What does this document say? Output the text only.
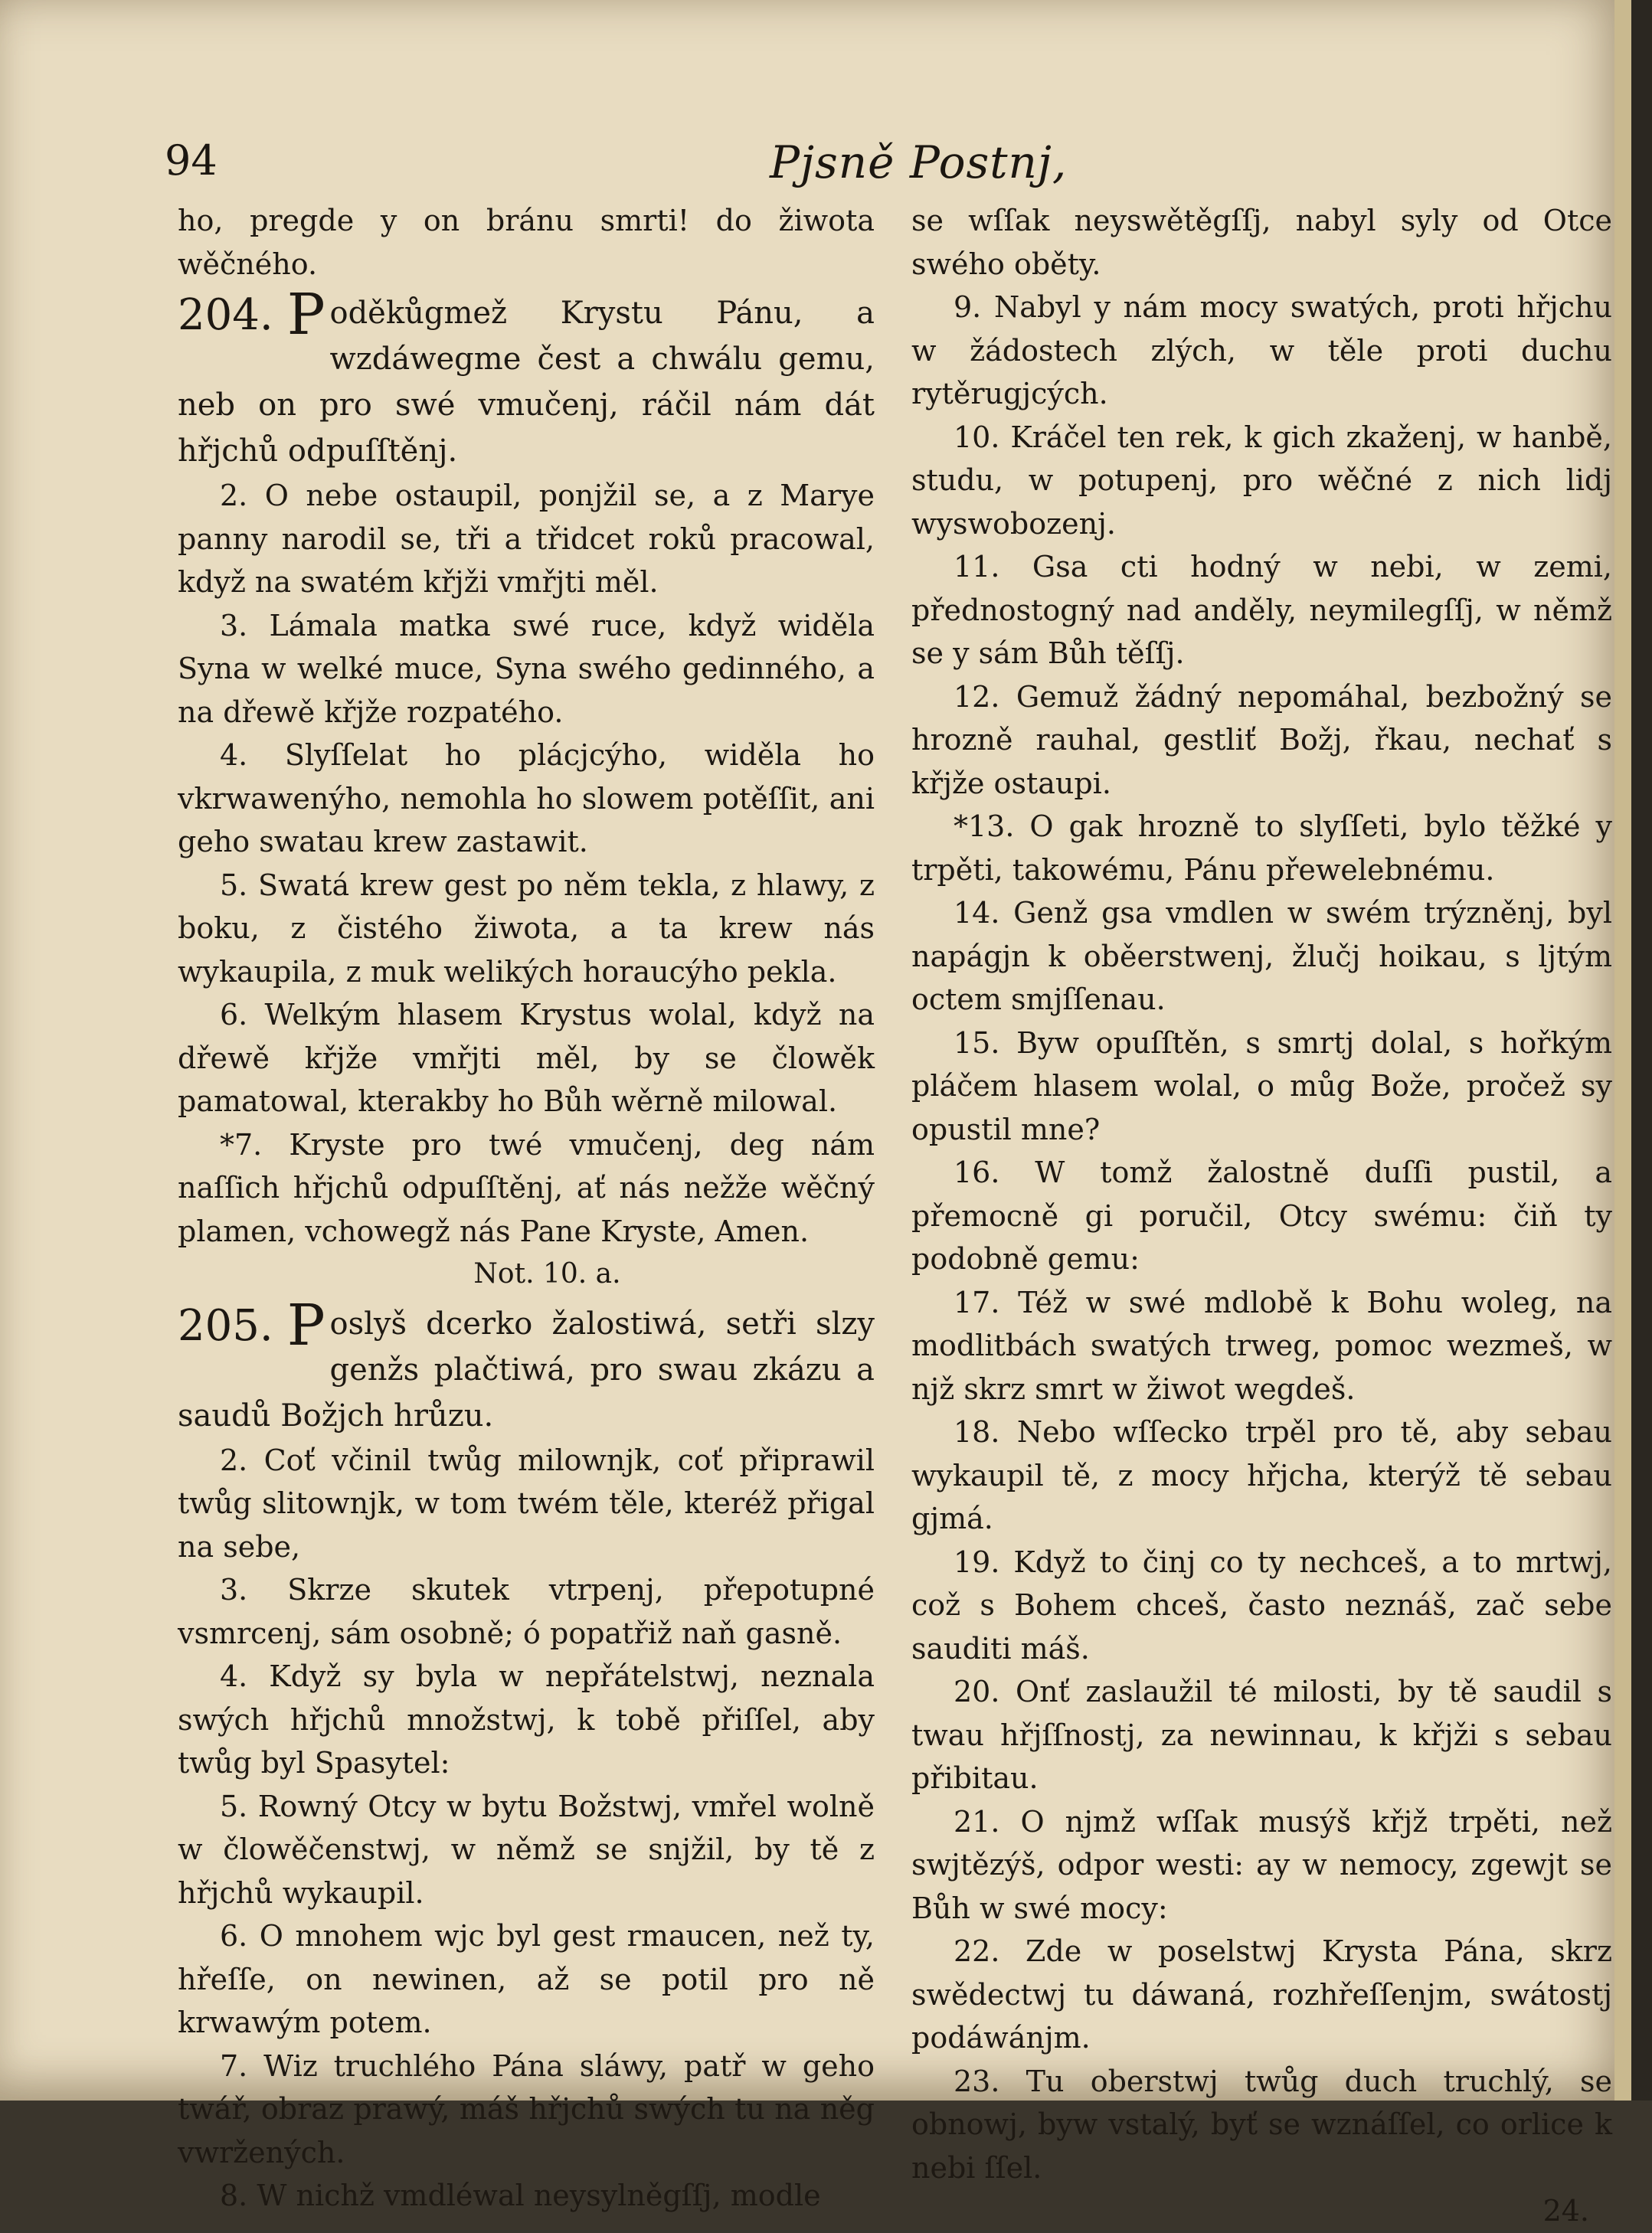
94	Pjsně Postnj,

ho, pregde y on bránu smrti! do žiwota wěčného.

204. P oděkůgmež Krystu Pánu, a wzdáwegme čest a chwálu gemu, neb on pro swé vmučenj, ráčil nám dát hřjchů odpuſſtěnj.

2. O nebe ostaupil, ponjžil se, a z Marye panny narodil se, tři a třidcet roků pracowal, když na swatém křjži vmřjti měl.

3. Lámala matka swé ruce, když widěla Syna w welké muce, Syna swého gedinného, a na dřewě křjže rozpatého.

4. Slyſſelat ho plácjcýho, widěla ho vkrwawenýho, nemohla ho slowem potěſſit, ani geho swatau krew zastawit.

5. Swatá krew gest po něm tekla, z hlawy, z boku, z čistého žiwota, a ta krew nás wykaupila, z muk welikých horaucýho pekla.

6. Welkým hlasem Krystus wolal, když na dřewě křjže vmřjti měl, by se člowěk pamatowal, kterakby ho Bůh wěrně milowal.

*7. Kryste pro twé vmučenj, deg nám naſſich hřjchů odpuſſtěnj, ať nás nežže wěčný plamen, vchowegž nás Pane Kryste, Amen.

Not. 10. a.

205. P oslyš dcerko žalostiwá, setři slzy genžs plačtiwá, pro swau zkázu a saudů Božjch hrůzu.

2. Coť včinil twůg milownjk, coť připrawil twůg slitownjk, w tom twém těle, kteréž přigal na sebe,

3. Skrze skutek vtrpenj, přepotupné vsmrcenj, sám osobně; ó popatřiž naň gasně.

4. Když sy byla w nepřátelstwj, neznala swých hřjchů množstwj, k tobě přiſſel, aby twůg byl Spasytel:

5. Rowný Otcy w bytu Božstwj, vmřel wolně w člowěčenstwj, w němž se snjžil, by tě z hřjchů wykaupil.

6. O mnohem wjc byl gest rmaucen, než ty, hřeſſe, on newinen, až se potil pro ně krwawým potem.

7. Wiz truchlého Pána sláwy, patř w geho twář, obraz prawý, máš hřjchů swých tu na něg vwržených.

8. W nichž vmdléwal neysylněgſſj, modle

se wſſak neyswětěgſſj, nabyl syly od Otce swého oběty.

9. Nabyl y nám mocy swatých, proti hřjchu w žádostech zlých, w těle proti duchu rytěrugjcých.

10. Kráčel ten rek, k gich zkaženj, w hanbě, studu, w potupenj, pro wěčné z nich lidj wyswobozenj.

11. Gsa cti hodný w nebi, w zemi, přednostogný nad anděly, neymilegſſj, w němž se y sám Bůh těſſj.

12. Gemuž žádný nepomáhal, bezbožný se hrozně rauhal, gestliť Božj, řkau, nechať s křjže ostaupi.

*13. O gak hrozně to slyſſeti, bylo těžké y trpěti, takowému, Pánu přewelebnému.

14. Genž gsa vmdlen w swém trýzněnj, byl napágjn k oběerstwenj, žlučj hoikau, s ljtým octem smjſſenau.

15. Byw opuſſtěn, s smrtj dolal, s hořkým pláčem hlasem wolal, o můg Bože, pročež sy opustil mne?

16. W tomž žalostně duſſi pustil, a přemocně gi poručil, Otcy swému: čiň ty podobně gemu:

17. Též w swé mdlobě k Bohu woleg, na modlitbách swatých trweg, pomoc wezmeš, w njž skrz smrt w žiwot wegdeš.

18. Nebo wſſecko trpěl pro tě, aby sebau wykaupil tě, z mocy hřjcha, kterýž tě sebau gjmá.

19. Když to činj co ty nechceš, a to mrtwj, což s Bohem chceš, často neznáš, zač sebe sauditi máš.

20. Onť zaslaužil té milosti, by tě saudil s twau hřjſſnostj, za newinnau, k křjži s sebau přibitau.

21. O njmž wſſak musýš křjž trpěti, než swjtězýš, odpor westi: ay w nemocy, zgewjt se Bůh w swé mocy:

22. Zde w poselstwj Krysta Pána, skrz swědectwj tu dáwaná, rozhřeſſenjm, swátostj podáwánjm.

23. Tu oberstwj twůg duch truchlý, se obnowj, byw vstalý, byť se wznáſſel, co orlice k nebi ſſel.

24.
